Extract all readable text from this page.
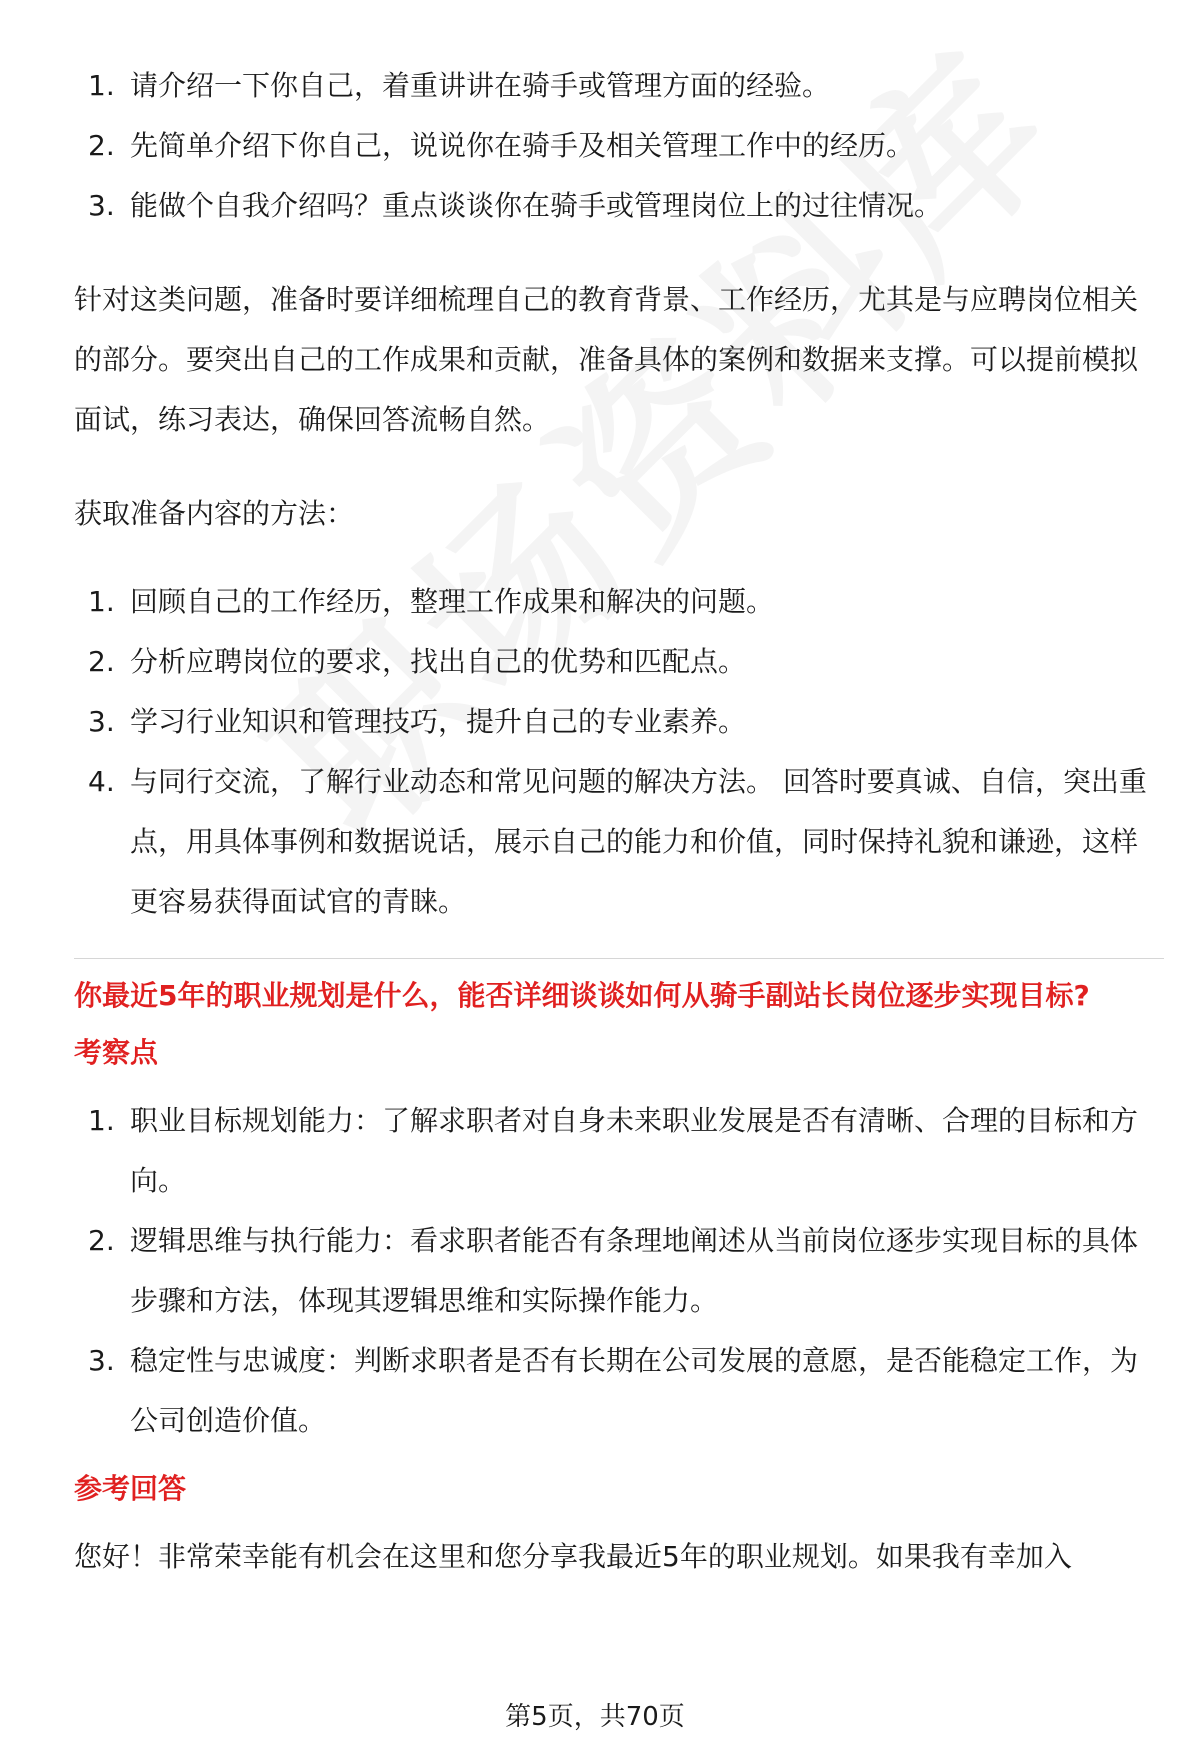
1. 请介绍一下你自己，着重讲讲在骑手或管理方面的经验。
2. 先简单介绍下你自己，说说你在骑手及相关管理工作中的经历。
3. 能做个自我介绍吗？重点谈谈你在骑手或管理岗位上的过往情况。

针对这类问题，准备时要详细梳理自己的教育背景、工作经历，尤其是与应聘岗位相关的部分。要突出自己的工作成果和贡献，准备具体的案例和数据来支撑。可以提前模拟面试，练习表达，确保回答流畅自然。

获取准备内容的方法：

1. 回顾自己的工作经历，整理工作成果和解决的问题。
2. 分析应聘岗位的要求，找出自己的优势和匹配点。
3. 学习行业知识和管理技巧，提升自己的专业素养。
4. 与同行交流，了解行业动态和常见问题的解决方法。 回答时要真诚、自信，突出重点，用具体事例和数据说话，展示自己的能力和价值，同时保持礼貌和谦逊，这样更容易获得面试官的青睐。
你最近5年的职业规划是什么，能否详细谈谈如何从骑手副站长岗位逐步实现目标?
考察点
1. 职业目标规划能力：了解求职者对自身未来职业发展是否有清晰、合理的目标和方向。
2. 逻辑思维与执行能力：看求职者能否有条理地阐述从当前岗位逐步实现目标的具体步骤和方法，体现其逻辑思维和实际操作能力。
3. 稳定性与忠诚度：判断求职者是否有长期在公司发展的意愿，是否能稳定工作，为公司创造价值。
参考回答

您好！非常荣幸能有机会在这里和您分享我最近5年的职业规划。如果我有幸加入

第5页，共70页
